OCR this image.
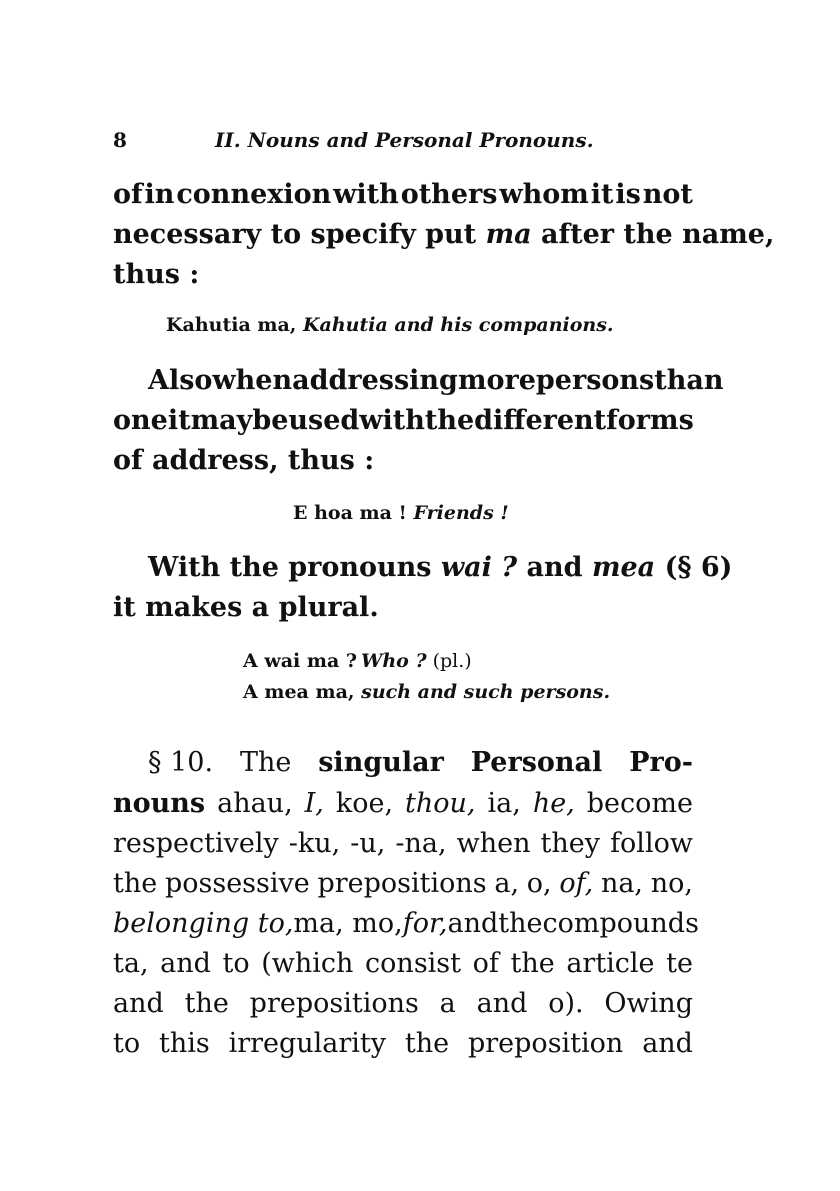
8	II. Nouns and Personal Pronouns.
of in connexion with others whom it is not
necessary to specify put ma after the name,
thus :
Kahutia ma, Kahutia and his companions.
Also when addressing more persons than
one it may be used with the different forms
of address, thus :
E hoa ma ! Friends !
With the pronouns wai ? and mea (§ 6)
it makes a plural.
A wai ma ? Who ? (pl.)
A mea ma, such and such persons.
§ 10. The singular Personal Pro-
nouns ahau, I, koe, thou, ia, he, become
respectively -ku, -u, -na, when they follow
the possessive prepositions a, o, of, na, no,
belonging to, ma, mo, for, and the compounds
ta, and to (which consist of the article te
and the prepositions a and o). Owing
to this irregularity the preposition and
